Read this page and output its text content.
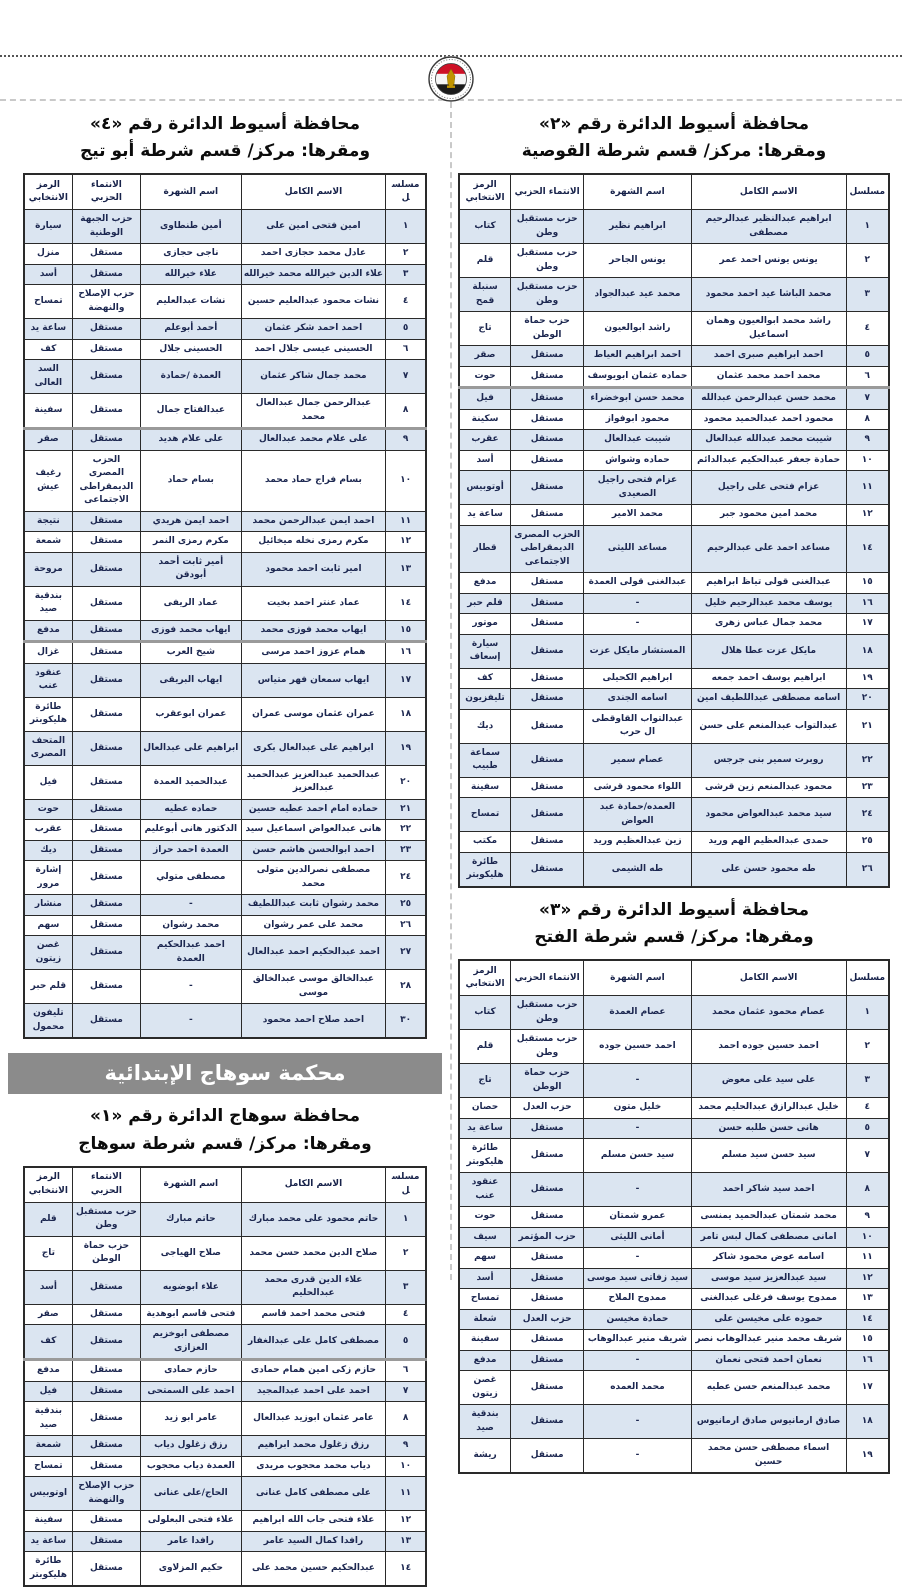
محافظة أسيوط الدائرة رقم «٢»
ومقرها: مركز/ قسم شرطة القوصية
مسلسل	الاسم الكامل	اسم الشهرة	الانتماء الحزبي	الرمز الانتخابي
١	ابراهيم عبدالنظير عبدالرحيم مصطفى	ابراهيم نظير	حزب مستقبل وطن	كتاب
٢	يونس يونس احمد عمر	يونس الجاحر	حزب مستقبل وطن	قلم
٣	محمد الباشا عيد احمد محمود	محمد عيد عبدالجواد	حزب مستقبل وطن	سنبلة قمح
٤	راشد محمد ابوالعيون وهمان اسماعيل	راشد ابوالعيون	حزب حماة الوطن	تاج
٥	احمد ابراهيم صبرى احمد	احمد ابراهيم العياط	مستقل	صقر
٦	محمد احمد محمد عثمان	حماده عثمان ابويوسف	مستقل	حوت
٧	محمد حسن عبدالرحمن عبدالله	محمد حسن ابوخضراء	مستقل	فيل
٨	محمود احمد عبدالحميد محمود	محمود ابوفواز	مستقل	سكينة
٩	شيبت محمد عبدالله عبدالعال	شيبت عبدالعال	مستقل	عقرب
١٠	حمادة جعفر عبدالحكيم عبدالدائم	حماده وشواش	مستقل	أسد
١١	عزام فتحى على راجيل	عزام فتحى راجيل الصعيدى	مستقل	أوتوبيس
١٢	محمد امين محمود جبر	محمد الامير	مستقل	ساعة يد
١٤	مساعد احمد على عبدالرحيم	مساعد الليثى	الحزب المصرى الديمقراطى الاجتماعى	قطار
١٥	عبدالغنى قولى تياظ ابراهيم	عبدالغنى قولى العمدة	مستقل	مدفع
١٦	يوسف محمد عبدالرحيم خليل	-	مستقل	قلم حبر
١٧	محمد جمال عباس زهرى	-	مستقل	موتور
١٨	مايكل عزت عطا هلال	المستشار مايكل عزت	مستقل	سيارة إسعاف
١٩	ابراهيم يوسف احمد جمعه	ابراهيم الكحيلى	مستقل	كف
٢٠	اسامه مصطفى عبداللطيف امين	اسامه الجندى	مستقل	تليفزيون
٢١	عبدالتواب عبدالمنعم على حسن	عبدالتواب القاوقطى ال حرب	مستقل	ديك
٢٢	روبرت سمير بنى جرجس	عصام سمير	مستقل	سماعة طبيب
٢٣	محمود عبدالمنعم زين قرشى	اللواء محمود قرشى	مستقل	سفينة
٢٤	سيد محمد عبدالعواض محمود	العمده/حمادة عبد العواض	مستقل	تمساح
٢٥	حمدى عبدالعظيم الهم وريد	زين عبدالعظيم وريد	مستقل	مكتب
٢٦	طه محمود حسن على	طه الشيمى	مستقل	طائرة هليكوبتر
محافظة أسيوط الدائرة رقم «٣»
ومقرها: مركز/ قسم شرطة الفتح
مسلسل	الاسم الكامل	اسم الشهرة	الانتماء الحزبي	الرمز الانتخابي
١	عصام محمود عثمان محمد	عصام العمدة	حزب مستقبل وطن	كتاب
٢	احمد حسين جوده احمد	احمد حسين جوده	حزب مستقبل وطن	قلم
٣	على سيد على معوض	-	حزب حماة الوطن	تاج
٤	خليل عبدالرازق عبدالحليم محمد	خليل متون	حزب العدل	حصان
٥	هانى حسن طلبه حسن	-	مستقل	ساعة يد
٧	سيد حسن سيد مسلم	سيد حسن مسلم	مستقل	طائرة هليكوبتر
٨	احمد سيد شاكر احمد	-	مستقل	عنقود عنب
٩	محمد شمتان عبدالحميد يمنسى	عمرو شمتان	مستقل	حوت
١٠	امانى مصطفى كمال لبس تامر	أمانى الليثى	حزب المؤتمر	سيف
١١	اسامه عوض محمود شاكر	-	مستقل	سهم
١٢	سيد عبدالعزيز سيد موسى	سيد زفاتى سيد موسى	مستقل	أسد
١٣	ممدوح يوسف فرغلى عبدالغنى	ممدوح الملاح	مستقل	تمساح
١٤	حموده على مخيسن على	حمادة مخيسن	حزب العدل	شعلة
١٥	شريف محمد منير عبدالوهاب نصر	شريف منير عبدالوهاب	مستقل	سفينة
١٦	نعمان احمد فتحى نعمان	-	مستقل	مدفع
١٧	محمد عبدالمنعم حسن عطيه	محمد العمده	مستقل	غصن زيتون
١٨	صادق ارمانيوس صادق ارمانيوس	-	مستقل	بندقية صيد
١٩	اسماء مصطفى حسن محمد حسين	-	مستقل	ريشة
محافظة أسيوط الدائرة رقم «٤»
ومقرها: مركز/ قسم شرطة أبو تيج
مسلسل	الاسم الكامل	اسم الشهرة	الانتماء الحزبي	الرمز الانتخابي
١	امين فتحى امين على	أمين طنطاوى	حزب الجبهة الوطنية	سيارة
٢	عادل محمد حجازى احمد	ناجى حجازى	مستقل	منزل
٣	علاء الدين خيرالله محمد خيرالله	علاء خيرالله	مستقل	أسد
٤	نشات محمود عبدالعليم حسين	نشات عبدالعليم	حزب الإصلاح والنهضة	تمساح
٥	احمد احمد شكر عثمان	أحمد أبوعلم	مستقل	ساعة يد
٦	الحسينى عيسى جلال احمد	الحسينى جلال	مستقل	كف
٧	محمد جمال شاكر عثمان	العمدة /حمادة	مستقل	السد العالى
٨	عبدالرحمن جمال عبدالعال محمد	عبدالفتاح جمال	مستقل	سفينة
٩	على علام محمد عبدالعال	على علام هديد	مستقل	صقر
١٠	بسام فراج حماد محمد	بسام حماد	الحزب المصرى الديمقراطى الاجتماعى	رغيف عيش
١١	احمد ايمن عبدالرحمن محمد	احمد ايمن هريدي	مستقل	نتيجة
١٢	مكرم رمزى نخله ميخائيل	مكرم رمزى النمر	مستقل	شمعة
١٣	امير ثابت احمد محمود	أمير ثابت أحمد أبودقن	مستقل	مروحة
١٤	عماد عنتر احمد بخيت	عماد الريفى	مستقل	بندقية صيد
١٥	ايهاب محمد فوزى محمد	ايهاب محمد فوزى	مستقل	مدفع
١٦	همام عزوز احمد مرسى	شيخ العرب	مستقل	غزال
١٧	ايهاب سمعان فهر متياس	ايهاب البريقى	مستقل	عنقود عنب
١٨	عمران عثمان موسى عمران	عمران ابوعقرب	مستقل	طائرة هليكوبتر
١٩	ابراهيم على عبدالعال بكرى	ابراهيم على عبدالعال	مستقل	المتحف المصرى
٢٠	عبدالحميد عبدالعزيز عبدالحميد عبدالعزيز	عبدالحميد العمدة	مستقل	فيل
٢١	حماده امام احمد عطيه حسين	حماده عطيه	مستقل	حوت
٢٢	هانى عبدالعواض اسماعيل سيد	الدكتور هانى أبوعليم	مستقل	عقرب
٢٣	احمد ابوالحسن هاشم حسن	العمدة احمد حراز	مستقل	ديك
٢٤	مصطفى نصرالدين متولى محمد	مصطفى متولي	مستقل	إشارة مرور
٢٥	محمد رشوان ثابت عبداللطيف	-	مستقل	منشار
٢٦	محمد على عمر رشوان	محمد رشوان	مستقل	سهم
٢٧	احمد عبدالحكيم احمد عبدالعال	احمد عبدالحكيم العمدة	مستقل	غصن زيتون
٢٨	عبدالخالق موسى عبدالخالق موسى	-	مستقل	قلم حبر
٣٠	احمد صلاح احمد محمود	-	مستقل	تليفون محمول
محكمة سوهاج الإبتدائية
محافظة سوهاج الدائرة رقم «١»
ومقرها: مركز/ قسم شرطة سوهاج
مسلسل	الاسم الكامل	اسم الشهرة	الانتماء الحزبي	الرمز الانتخابي
١	حاتم محمود على محمد مبارك	حاتم مبارك	حزب مستقبل وطن	قلم
٢	صلاح الدين محمد حسن محمد	صلاح الهياجى	حزب حماة الوطن	تاج
٣	علاء الدين قدرى محمد عبدالحليم	علاء ابوضويه	مستقل	أسد
٤	فتحى محمد احمد قاسم	فتحى قاسم ابوهدية	مستقل	صقر
٥	مصطفى كامل على عبدالغفار	مصطفى ابوخزيم العزازى	مستقل	كف
٦	حازم زكى امين همام حمادى	حازم حمادى	مستقل	مدفع
٧	احمد على احمد عبدالمجيد	احمد على السمتحى	مستقل	فيل
٨	عامر عثمان ابوزيد عبدالعال	عامر ابو زيد	مستقل	بندقية صيد
٩	رزق زغلول محمد ابراهيم	رزق زغلول دياب	مستقل	شمعة
١٠	دياب محمد محجوب مريدى	العمدة دياب محجوب	مستقل	تمساح
١١	على مصطفى كامل عنانى	الحاج/على عنانى	حزب الإصلاح والنهضة	اوتوبيس
١٢	علاء فتحى جاب الله ابراهيم	علاء فتحى البعلولى	مستقل	سفينة
١٣	رافدا كمال السيد عامر	رافدا عامر	مستقل	ساعة يد
١٤	عبدالحكيم حسين محمد على	حكيم المزلاوى	مستقل	طائرة هليكوبتر
